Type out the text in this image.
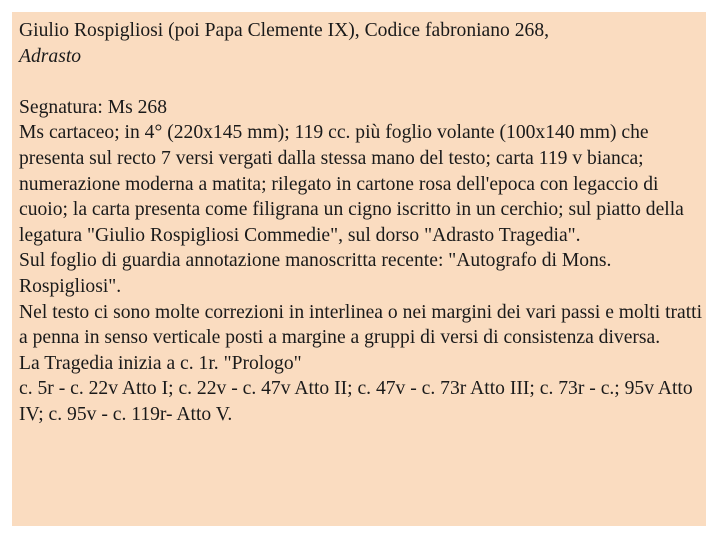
Giulio Rospigliosi (poi Papa Clemente IX), Codice fabroniano 268,
Adrasto

Segnatura: Ms 268

Ms cartaceo; in 4° (220x145 mm); 119 cc. più foglio volante (100x140 mm) che presenta sul recto 7 versi vergati dalla stessa mano del testo; carta 119 v bianca; numerazione moderna a matita; rilegato in cartone rosa dell'epoca con legaccio di cuoio; la carta presenta come filigrana un cigno iscritto in un cerchio; sul piatto della legatura "Giulio Rospigliosi Commedie", sul dorso "Adrasto Tragedia".

Sul foglio di guardia annotazione manoscritta recente: "Autografo di Mons. Rospigliosi".

Nel testo ci sono molte correzioni in interlinea o nei margini dei vari passi e molti tratti a penna in senso verticale posti a margine a gruppi di versi di consistenza diversa.

La Tragedia inizia a c. 1r. "Prologo"

c. 5r - c. 22v Atto I; c. 22v - c. 47v Atto II; c. 47v - c. 73r Atto III; c. 73r - c.; 95v Atto IV; c. 95v - c. 119r- Atto V.
